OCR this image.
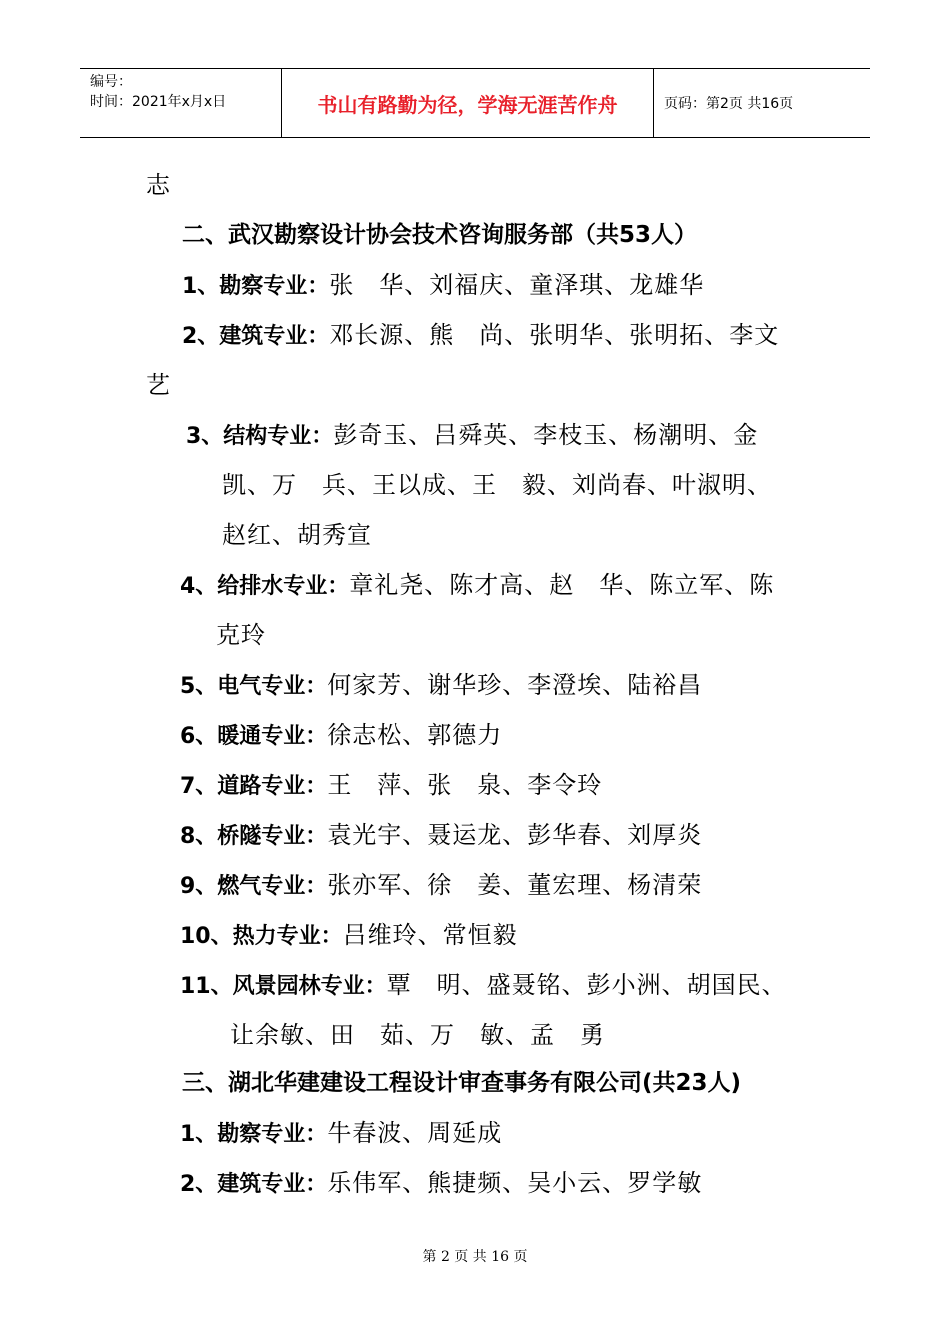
编号：
时间：2021年x月x日	书山有路勤为径，学海无涯苦作舟	页码：第2页 共16页
志
二、武汉勘察设计协会技术咨询服务部（共53人）
1、勘察专业：张　华、刘福庆、童泽琪、龙雄华
2、建筑专业：邓长源、熊　尚、张明华、张明拓、李文
艺
3、结构专业：彭奇玉、吕舜英、李枝玉、杨潮明、金
凯、万　兵、王以成、王　毅、刘尚春、叶淑明、
赵红、胡秀宣
4、给排水专业：章礼尧、陈才高、赵　华、陈立军、陈
克玲
5、电气专业：何家芳、谢华珍、李澄埃、陆裕昌
6、暖通专业：徐志松、郭德力
7、道路专业：王　萍、张　泉、李令玲
8、桥隧专业：袁光宇、聂运龙、彭华春、刘厚炎
9、燃气专业：张亦军、徐　姜、董宏理、杨清荣
10、热力专业：吕维玲、常恒毅
11、风景园林专业：覃　明、盛聂铭、彭小洲、胡国民、
让余敏、田　茹、万　敏、孟　勇
三、湖北华建建设工程设计审查事务有限公司(共23人)
1、勘察专业：牛春波、周延成
2、建筑专业：乐伟军、熊捷频、吴小云、罗学敏
第 2 页 共 16 页
